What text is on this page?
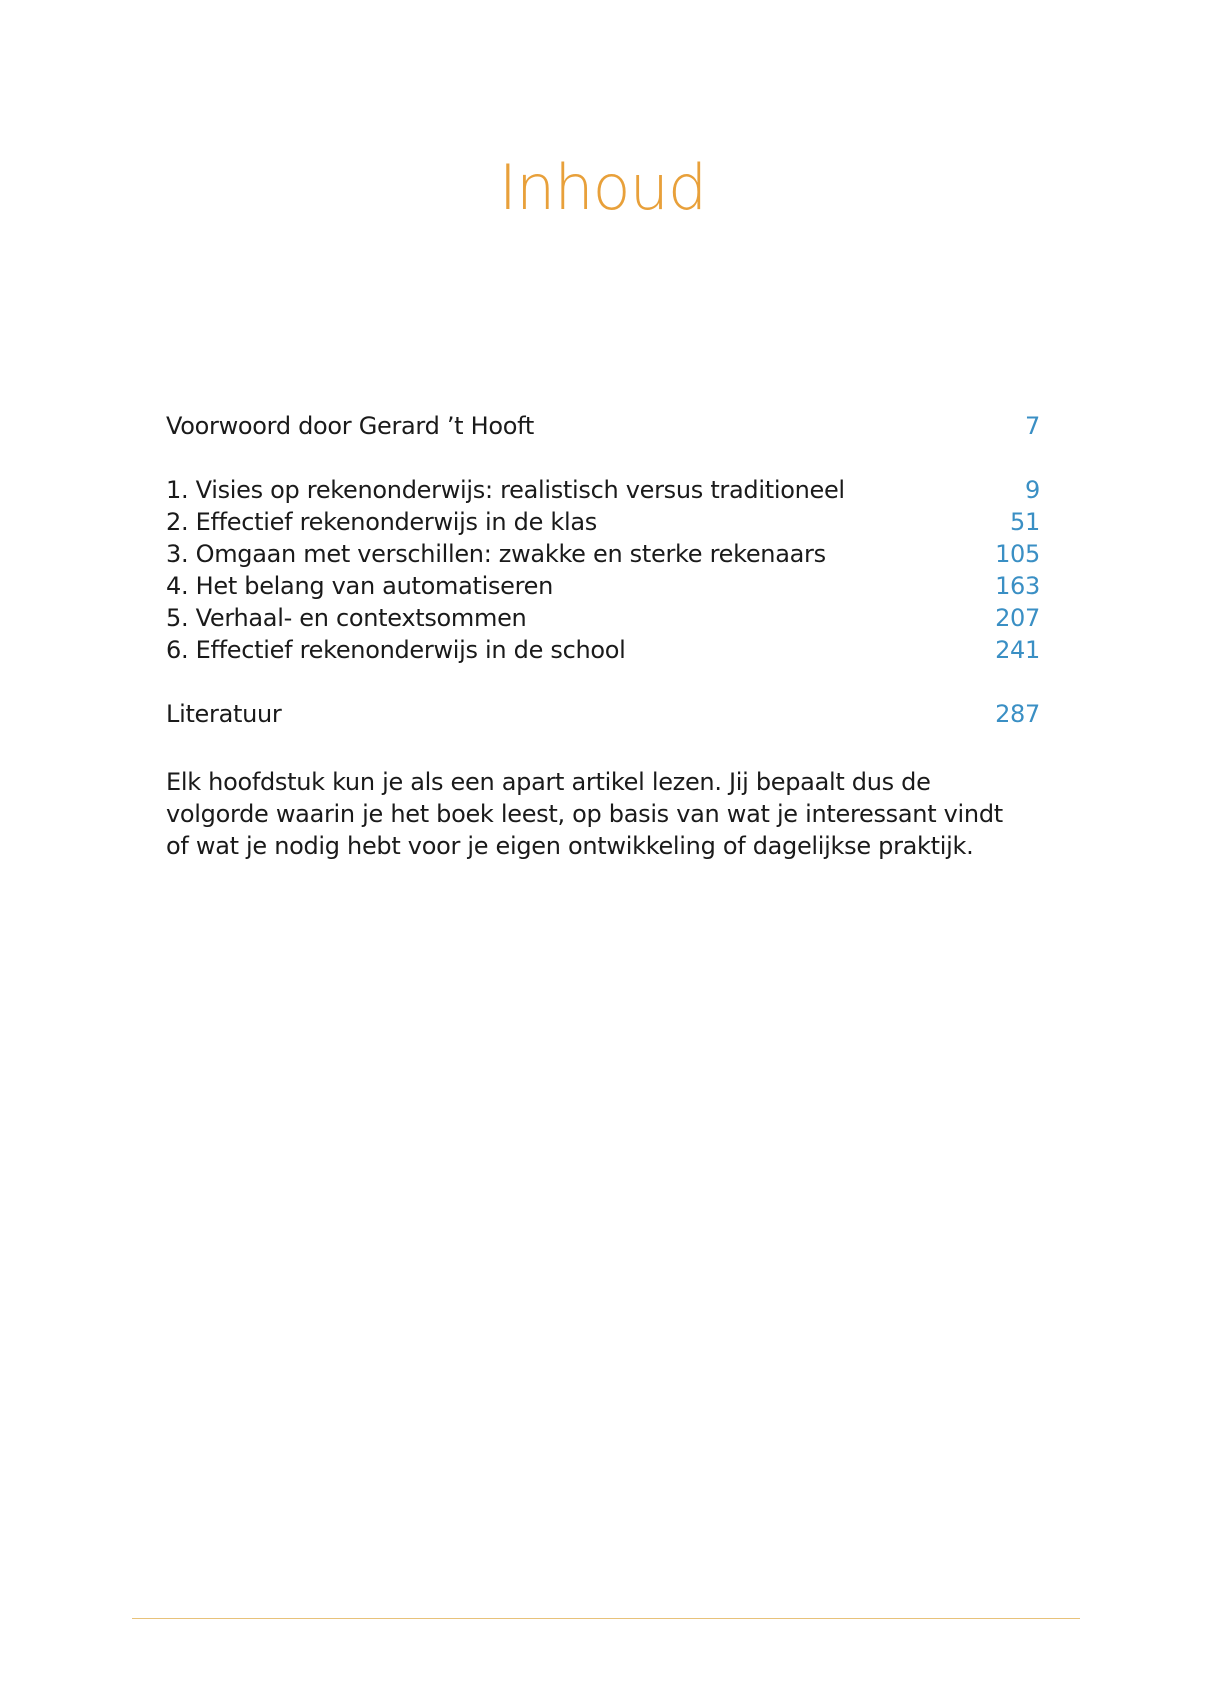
Inhoud
Voorwoord door Gerard ’t Hooft	7
1. Visies op rekenonderwijs: realistisch versus traditioneel	9
2. Effectief rekenonderwijs in de klas	51
3. Omgaan met verschillen: zwakke en sterke rekenaars	105
4. Het belang van automatiseren	163
5. Verhaal- en contextsommen	207
6. Effectief rekenonderwijs in de school	241
Literatuur	287

Elk hoofdstuk kun je als een apart artikel lezen. Jij bepaalt dus de volgorde waarin je het boek leest, op basis van wat je interessant vindt of wat je nodig hebt voor je eigen ontwikkeling of dagelijkse praktijk.
